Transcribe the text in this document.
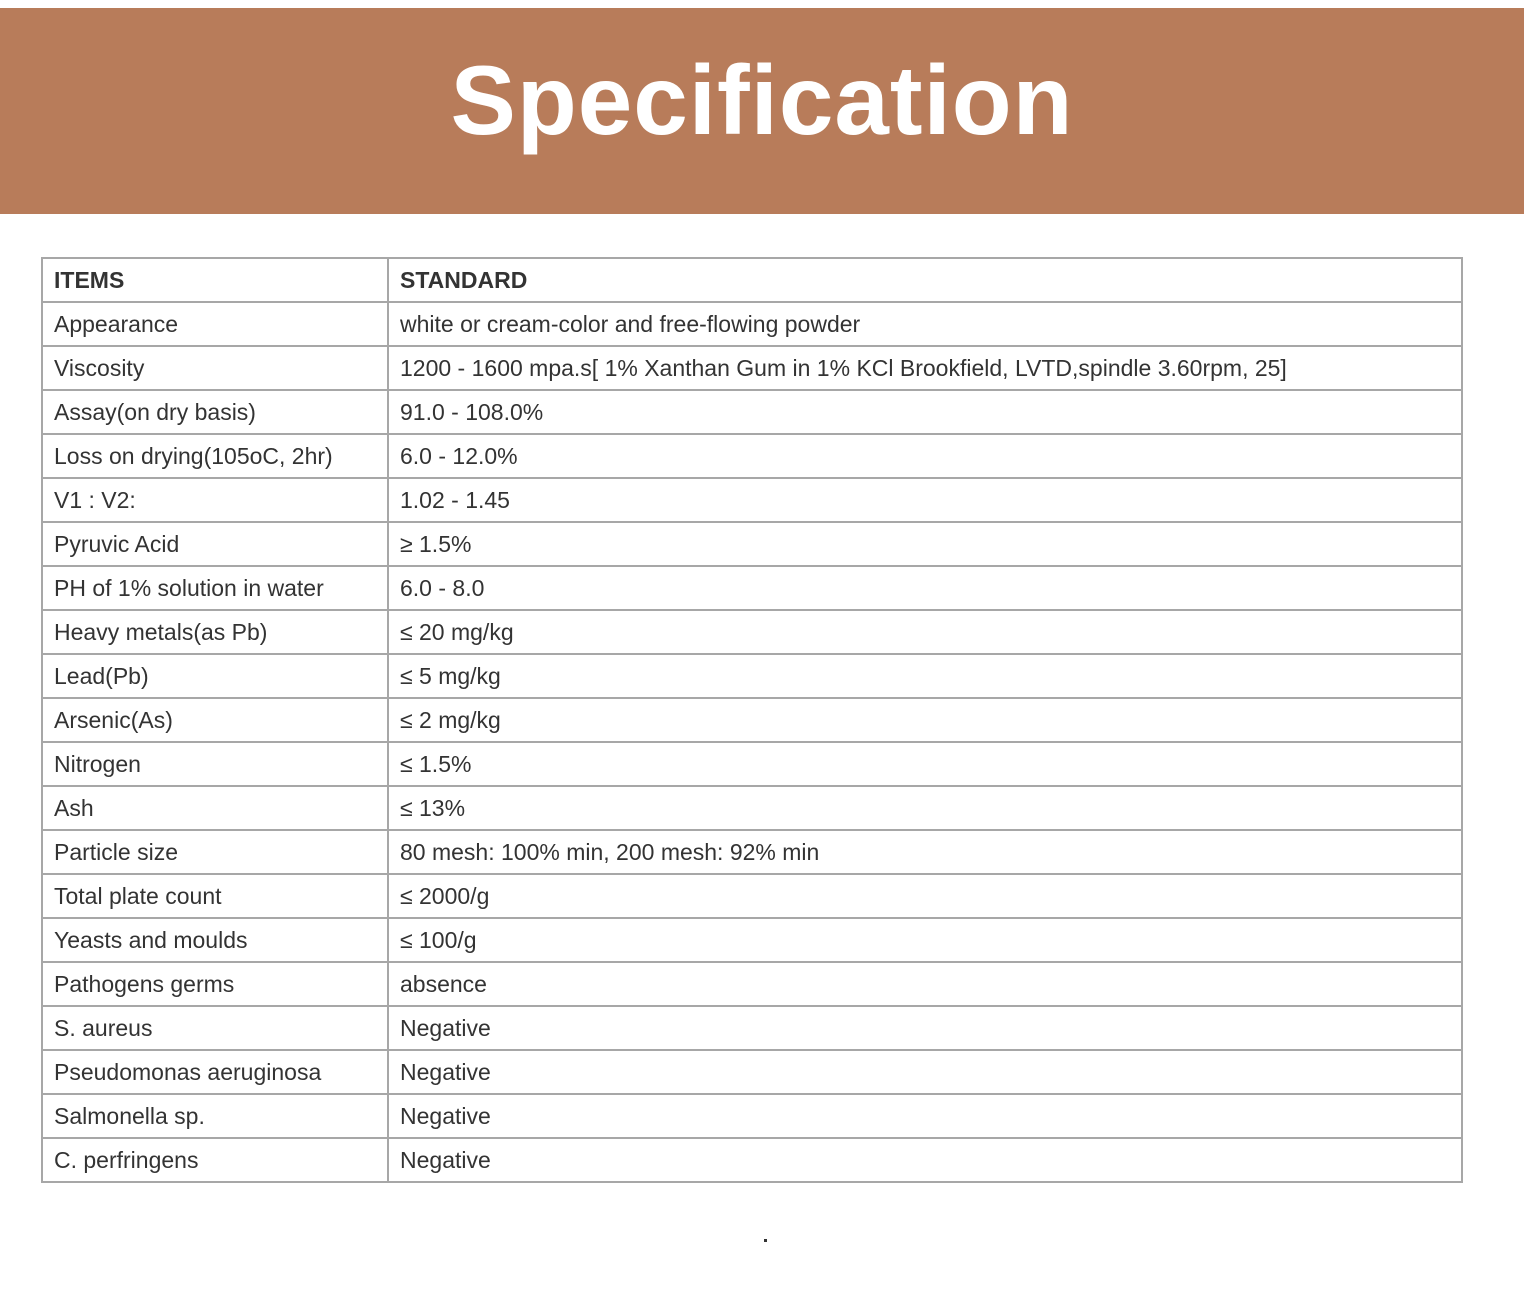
Specification
ITEMS	STANDARD
Appearance	white or cream-color and free-flowing powder
Viscosity	1200 - 1600 mpa.s[ 1% Xanthan Gum in 1% KCl Brookfield, LVTD,spindle 3.60rpm, 25]
Assay(on dry basis)	91.0 - 108.0%
Loss on drying(105oC, 2hr)	6.0 - 12.0%
V1 : V2:	1.02 - 1.45
Pyruvic Acid	≥ 1.5%
PH of 1% solution in water	6.0 - 8.0
Heavy metals(as Pb)	≤ 20 mg/kg
Lead(Pb)	≤ 5 mg/kg
Arsenic(As)	≤ 2 mg/kg
Nitrogen	≤ 1.5%
Ash	≤ 13%
Particle size	80 mesh: 100% min, 200 mesh: 92% min
Total plate count	≤ 2000/g
Yeasts and moulds	≤ 100/g
Pathogens germs	absence
S. aureus	Negative
Pseudomonas aeruginosa	Negative
Salmonella sp.	Negative
C. perfringens	Negative
